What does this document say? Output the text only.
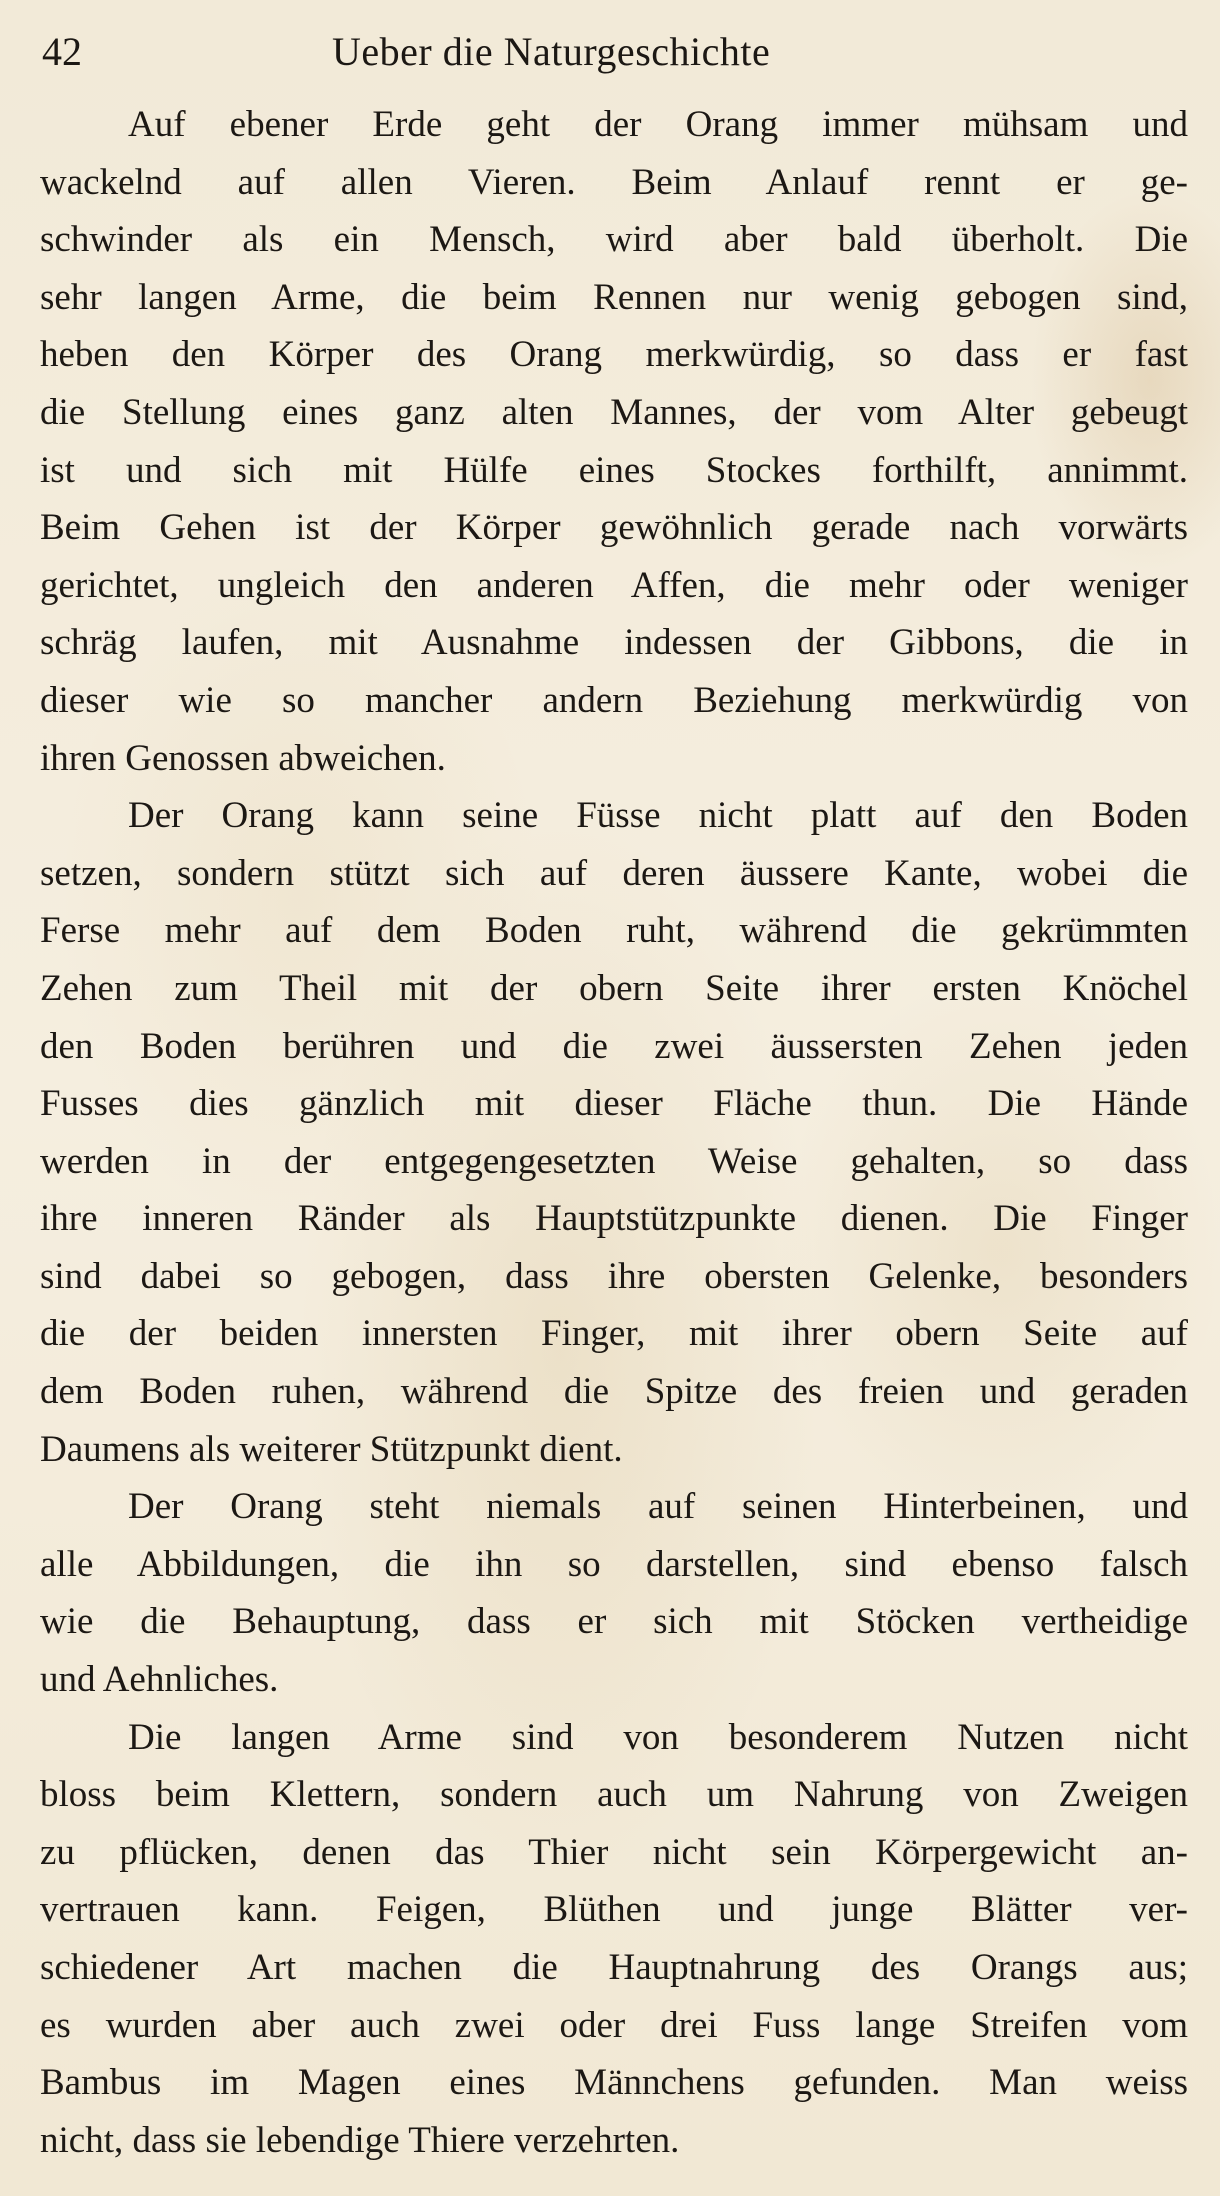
42	Ueber die Naturgeschichte
Auf ebener Erde geht der Orang immer mühsam und
wackelnd auf allen Vieren. Beim Anlauf rennt er ge-
schwinder als ein Mensch, wird aber bald überholt. Die
sehr langen Arme, die beim Rennen nur wenig gebogen sind,
heben den Körper des Orang merkwürdig, so dass er fast
die Stellung eines ganz alten Mannes, der vom Alter gebeugt
ist und sich mit Hülfe eines Stockes forthilft, annimmt.
Beim Gehen ist der Körper gewöhnlich gerade nach vorwärts
gerichtet, ungleich den anderen Affen, die mehr oder weniger
schräg laufen, mit Ausnahme indessen der Gibbons, die in
dieser wie so mancher andern Beziehung merkwürdig von
ihren Genossen abweichen.
Der Orang kann seine Füsse nicht platt auf den Boden
setzen, sondern stützt sich auf deren äussere Kante, wobei die
Ferse mehr auf dem Boden ruht, während die gekrümmten
Zehen zum Theil mit der obern Seite ihrer ersten Knöchel
den Boden berühren und die zwei äussersten Zehen jeden
Fusses dies gänzlich mit dieser Fläche thun. Die Hände
werden in der entgegengesetzten Weise gehalten, so dass
ihre inneren Ränder als Hauptstützpunkte dienen. Die Finger
sind dabei so gebogen, dass ihre obersten Gelenke, besonders
die der beiden innersten Finger, mit ihrer obern Seite auf
dem Boden ruhen, während die Spitze des freien und geraden
Daumens als weiterer Stützpunkt dient.
Der Orang steht niemals auf seinen Hinterbeinen, und
alle Abbildungen, die ihn so darstellen, sind ebenso falsch
wie die Behauptung, dass er sich mit Stöcken vertheidige
und Aehnliches.
Die langen Arme sind von besonderem Nutzen nicht
bloss beim Klettern, sondern auch um Nahrung von Zweigen
zu pflücken, denen das Thier nicht sein Körpergewicht an-
vertrauen kann. Feigen, Blüthen und junge Blätter ver-
schiedener Art machen die Hauptnahrung des Orangs aus;
es wurden aber auch zwei oder drei Fuss lange Streifen vom
Bambus im Magen eines Männchens gefunden. Man weiss
nicht, dass sie lebendige Thiere verzehrten.
